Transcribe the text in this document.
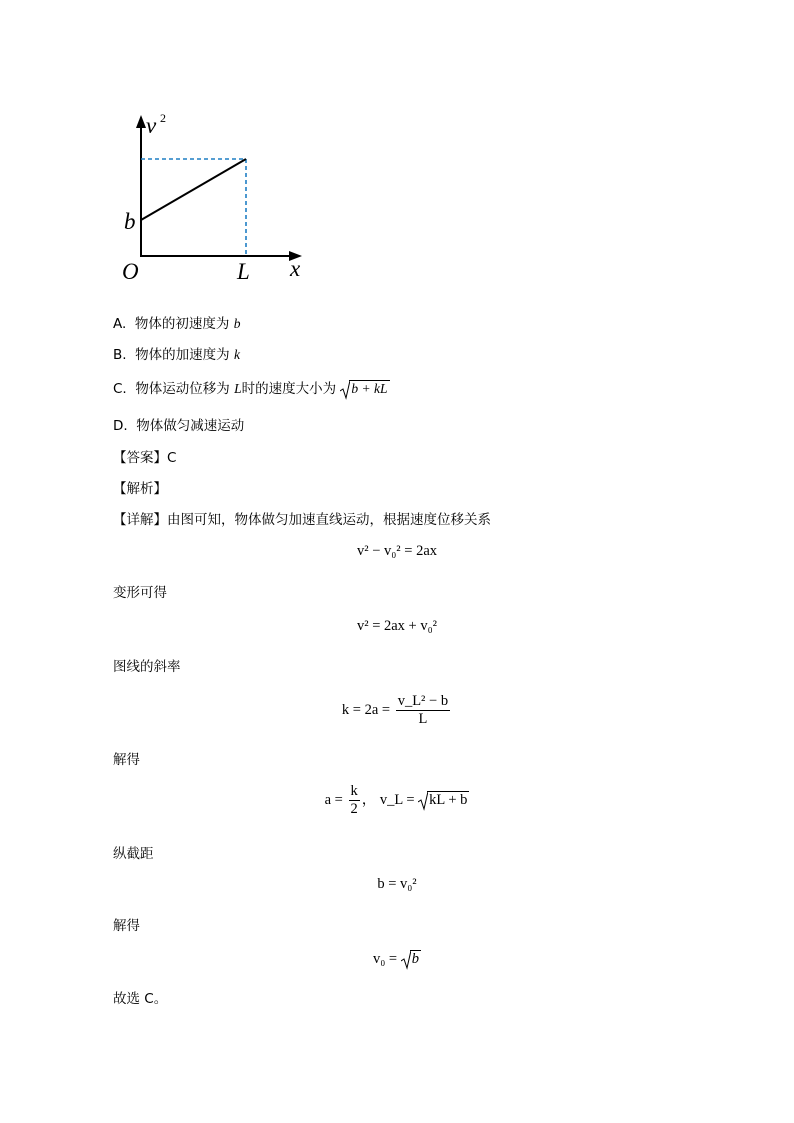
v 2
b
O	L x
A. 物体的初速度为 b
B. 物体的加速度为 k
C. 物体运动位移为 L时的速度大小为 b + kL
D. 物体做匀减速运动
【答案】C
【解析】
【详解】由图可知，物体做匀加速直线运动，根据速度位移关系
v² − v₀² = 2ax
变形可得
v² = 2ax + v₀²
图线的斜率
$k = 2a = \frac{\text{v\_L² − b}}{L}$
解得
$a = \frac{k}{2}$ ， v_L = kL + b
纵截距
b = v₀²
解得
v₀ = b
故选 C。
